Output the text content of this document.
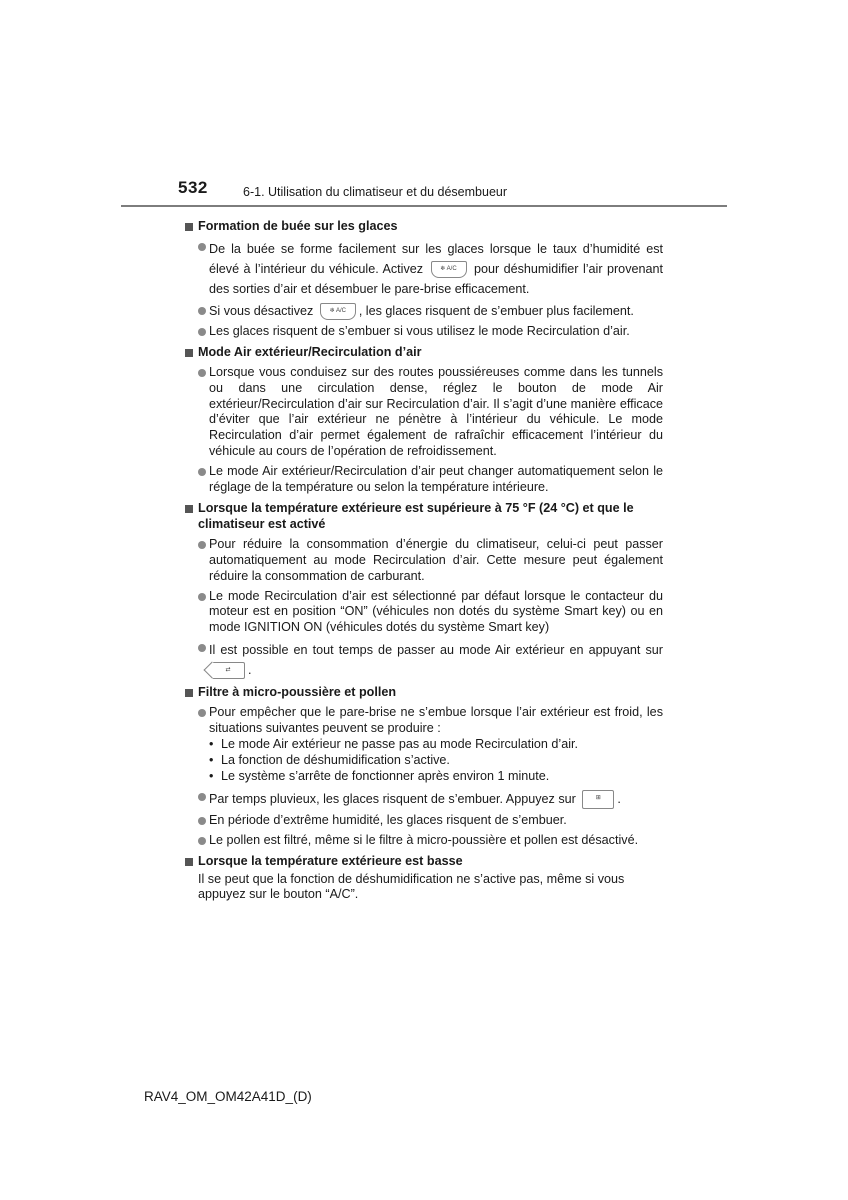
532	6-1. Utilisation du climatiseur et du désembueur
Formation de buée sur les glaces
De la buée se forme facilement sur les glaces lorsque le taux d’humidité est élevé à l’intérieur du véhicule. Activez	❄ A/C pour déshumidifier l’air provenant des sorties d’air et désembuer le pare-brise efficacement.
Si vous désactivez	❄ A/C , les glaces risquent de s’embuer plus facilement.
Les glaces risquent de s’embuer si vous utilisez le mode Recirculation d’air.
Mode Air extérieur/Recirculation d’air
Lorsque vous conduisez sur des routes poussiéreuses comme dans les tunnels ou dans une circulation dense, réglez le bouton de mode Air extérieur/Recirculation d’air sur Recirculation d’air. Il s’agit d’une manière efficace d’éviter que l’air extérieur ne pénètre à l’intérieur du véhicule. Le mode Recirculation d’air permet également de rafraîchir efficacement l’intérieur du véhicule au cours de l’opération de refroidissement.
Le mode Air extérieur/Recirculation d’air peut changer automatiquement selon le réglage de la température ou selon la température intérieure.
Lorsque la température extérieure est supérieure à 75 °F (24 °C) et que le climatiseur est activé
Pour réduire la consommation d’énergie du climatiseur, celui-ci peut passer automatiquement au mode Recirculation d’air. Cette mesure peut également réduire la consommation de carburant.
Le mode Recirculation d’air est sélectionné par défaut lorsque le contacteur du moteur est en position “ON” (véhicules non dotés du système Smart key) ou en mode IGNITION ON (véhicules dotés du système Smart key)
Il est possible en tout temps de passer au mode Air extérieur en appuyant sur ⇄ .
Filtre à micro-poussière et pollen
Pour empêcher que le pare-brise ne s’embue lorsque l’air extérieur est froid, les situations suivantes peuvent se produire :
• Le mode Air extérieur ne passe pas au mode Recirculation d’air.
• La fonction de déshumidification s’active.
• Le système s’arrête de fonctionner après environ 1 minute.
Par temps pluvieux, les glaces risquent de s’embuer. Appuyez sur	⊞ .
En période d’extrême humidité, les glaces risquent de s’embuer.
Le pollen est filtré, même si le filtre à micro-poussière et pollen est désactivé.
Lorsque la température extérieure est basse
Il se peut que la fonction de déshumidification ne s’active pas, même si vous appuyez sur le bouton “A/C”.
RAV4_OM_OM42A41D_(D)
